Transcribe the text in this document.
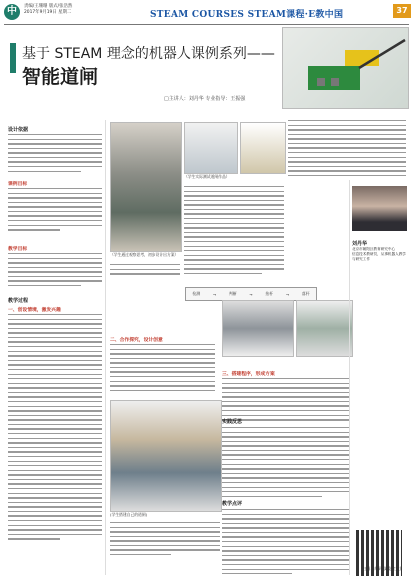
中	责编/王珊珊 版式/张浩然
2017年9月19日 星期二	STEAM COURSES STEAM课程·E教中国	37
基于 STEAM 理念的机器人课例系列——
智能道闸
□主讲人：刘丹华 专业指导：王振强
设计依据
课例目标
教学目标
教学过程
一、创设情境，激发兴趣
（学生通过观察思考，初步设计出方案）
二、合作探究，设计创意
(学生搭建自己的道闸)
（学生实际测试道闸作品）
检测	→	判断	→	抬杆	→	落杆
三、搭建程序，形成方案
实践反思
教学点评
刘丹华
北京市朝阳区教育研究中心
信息技术教研员，从事机器人教学与研究工作
(扫描二维码 浏览全文)
